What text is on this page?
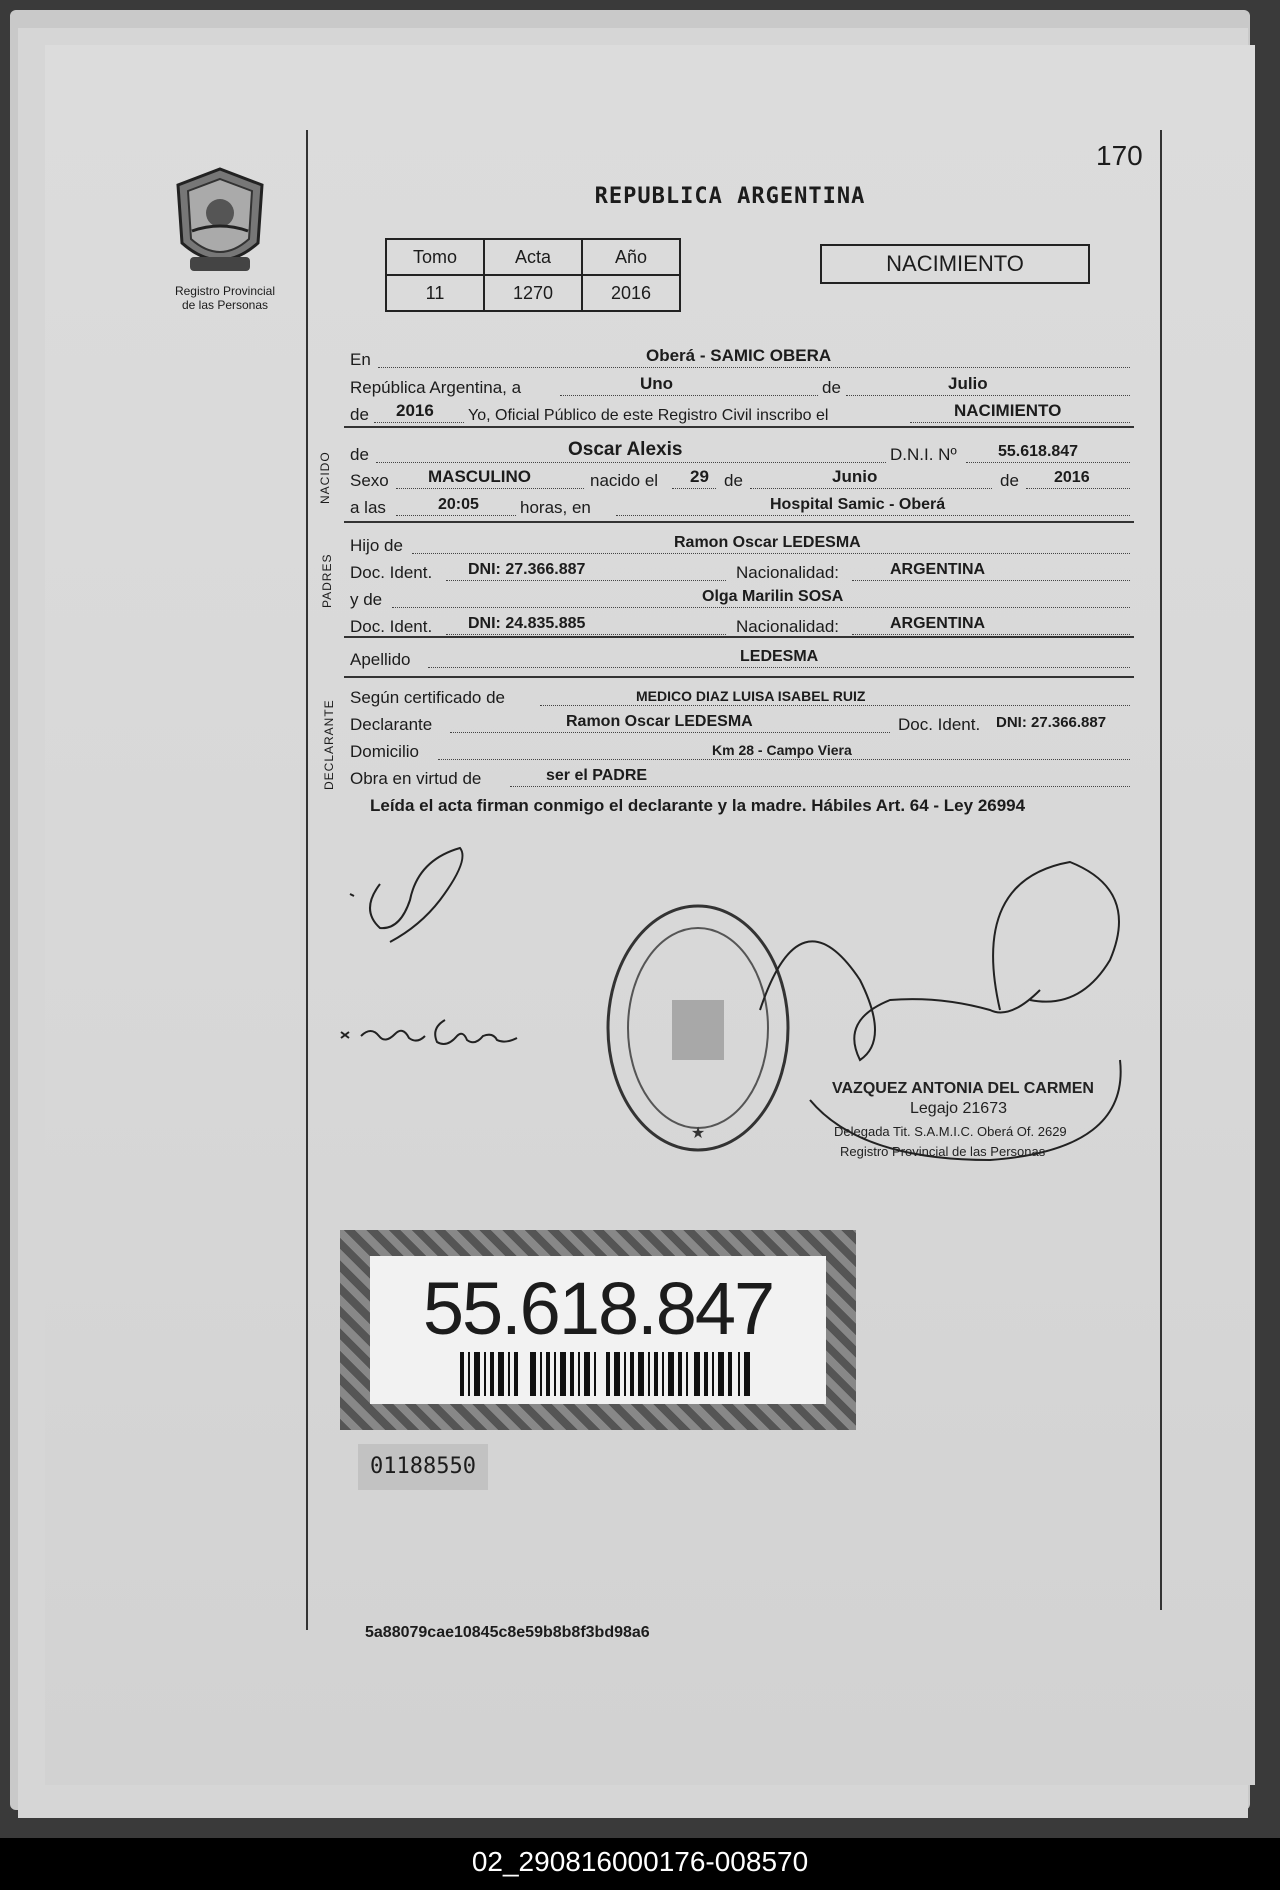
170
Registro Provincial
de las Personas
REPUBLICA ARGENTINA
Tomo	Acta	Año
11	1270	2016
NACIMIENTO
En	Oberá - SAMIC OBERA
República Argentina, a	Uno	de	Julio
de 2016 Yo, Oficial Público de este Registro Civil inscribo el	NACIMIENTO
NACIDO de	Oscar Alexis	D.N.I. Nº	55.618.847
Sexo MASCULINO	nacido el 29 de	Junio	de 2016
a las	20:05 horas, en	Hospital Samic - Oberá
PADRES
Hijo de	Ramon Oscar LEDESMA
Doc. Ident. DNI: 27.366.887	Nacionalidad:	ARGENTINA
y de	Olga Marilin SOSA
Doc. Ident. DNI: 24.835.885	Nacionalidad:	ARGENTINA
Apellido	LEDESMA
DECLARANTE
Según certificado de	MEDICO DIAZ LUISA ISABEL RUIZ
Declarante	Ramon Oscar LEDESMA	Doc. Ident. DNI: 27.366.887
Domicilio	Km 28 - Campo Viera
Obra en virtud de	ser el PADRE
Leída el acta firman conmigo el declarante y la madre. Hábiles Art. 64 - Ley 26994
★
VAZQUEZ ANTONIA DEL CARMEN
Legajo 21673
Delegada Tit. S.A.M.I.C. Oberá Of. 2629
Registro Provincial de las Personas
55.618.847
01188550
5a88079cae10845c8e59b8b8f3bd98a6
02_290816000176-008570
